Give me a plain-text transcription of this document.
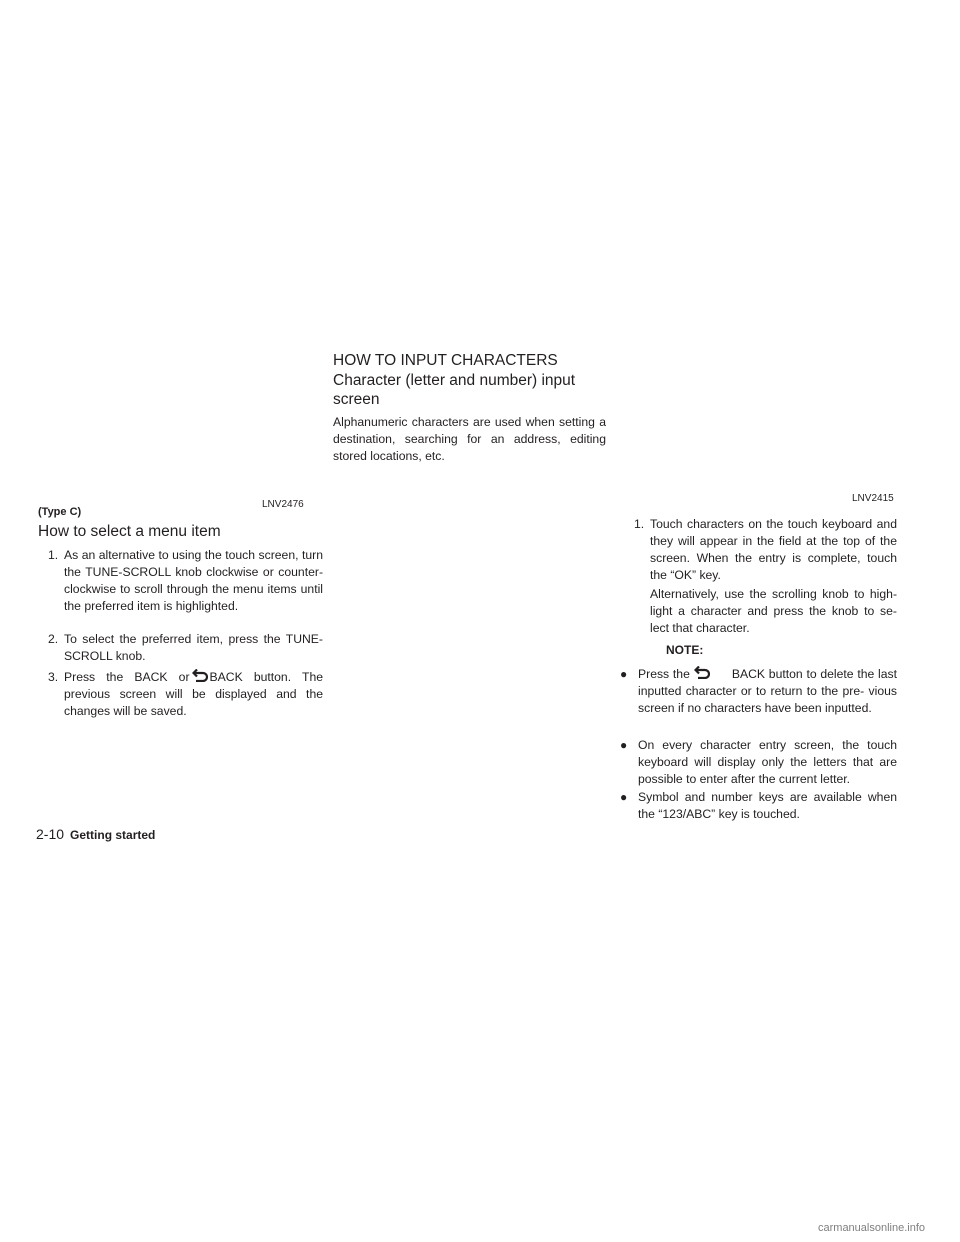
(Type C)
LNV2476
How to select a menu item
1. As an alternative to using the touch screen, turn the TUNE-SCROLL knob clockwise or counter-clockwise to scroll through the menu items until the preferred item is highlighted.
2. To select the preferred item, press the TUNE-SCROLL knob.
3. Press the BACK or BACK button. The previous screen will be displayed and the changes will be saved.
HOW TO INPUT CHARACTERS
Character (letter and number) input screen

Alphanumeric characters are used when setting a destination, searching for an address, editing stored locations, etc.

LNV2415
1. Touch characters on the touch keyboard and they will appear in the field at the top of the screen. When the entry is complete, touch the “OK” key.

Alternatively, use the scrolling knob to high- light a character and press the knob to se- lect that character.

NOTE:
● Press the	BACK button to delete the last inputted character or to return to the pre- vious screen if no characters have been inputted.
● On every character entry screen, the touch keyboard will display only the letters that are possible to enter after the current letter.
● Symbol and number keys are available when the “123/ABC” key is touched.
2-10 Getting started
carmanualsonline.info
